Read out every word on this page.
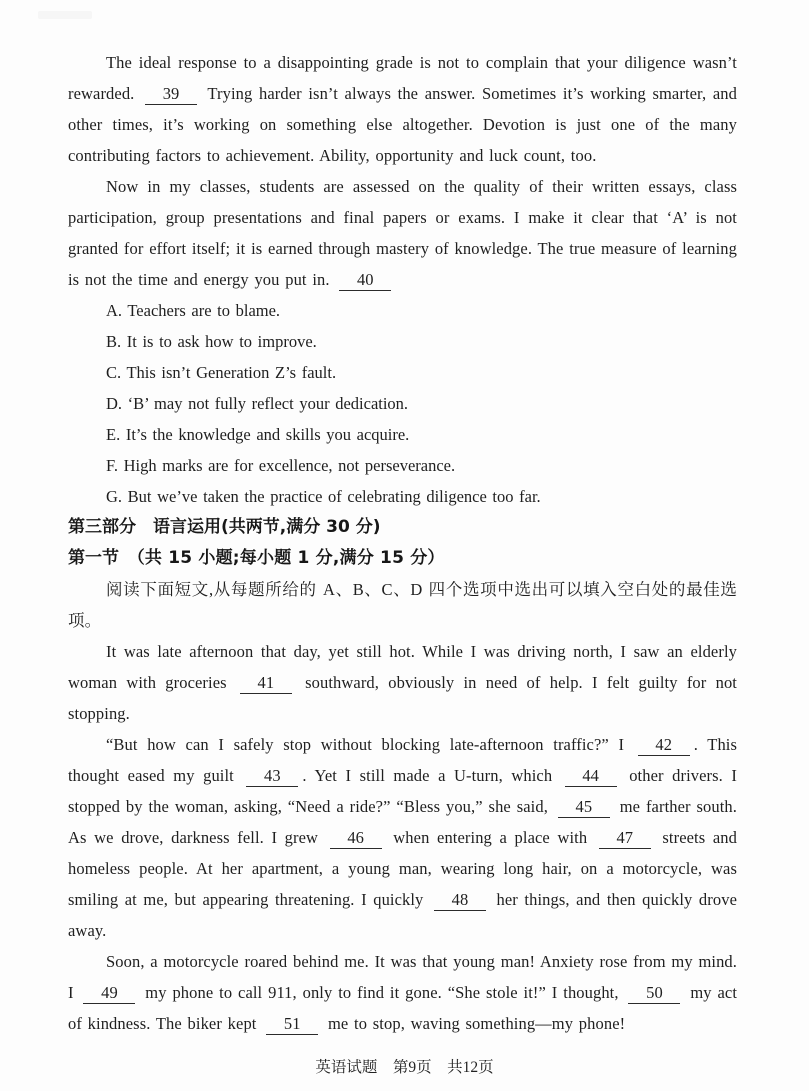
The ideal response to a disappointing grade is not to complain that your diligence wasn’t rewarded. 39 Trying harder isn’t always the answer. Sometimes it’s working smarter, and other times, it’s working on something else altogether. Devotion is just one of the many contributing factors to achievement. Ability, opportunity and luck count, too.

Now in my classes, students are assessed on the quality of their written essays, class participation, group presentations and final papers or exams. I make it clear that ‘A’ is not granted for effort itself; it is earned through mastery of knowledge. The true measure of learning is not the time and energy you put in. 40

A. Teachers are to blame.

B. It is to ask how to improve.

C. This isn’t Generation Z’s fault.

D. ‘B’ may not fully reflect your dedication.

E. It’s the knowledge and skills you acquire.

F. High marks are for excellence, not perseverance.

G. But we’ve taken the practice of celebrating diligence too far.

第三部分　语言运用(共两节,满分 30 分)

第一节　（共 15 小题;每小题 1 分,满分 15 分）

阅读下面短文,从每题所给的 A、B、C、D 四个选项中选出可以填入空白处的最佳选项。

It was late afternoon that day, yet still hot. While I was driving north, I saw an elderly woman with groceries 41 southward, obviously in need of help. I felt guilty for not stopping.

“But how can I safely stop without blocking late-afternoon traffic?” I 42 . This thought eased my guilt 43 . Yet I still made a U-turn, which 44 other drivers. I stopped by the woman, asking, “Need a ride?” “Bless you,” she said, 45 me farther south. As we drove, darkness fell. I grew 46 when entering a place with 47 streets and homeless people. At her apartment, a young man, wearing long hair, on a motorcycle, was smiling at me, but appearing threatening. I quickly 48 her things, and then quickly drove away.

Soon, a motorcycle roared behind me. It was that young man! Anxiety rose from my mind. I 49 my phone to call 911, only to find it gone. “She stole it!” I thought, 50 my act of kindness. The biker kept 51 me to stop, waving something—my phone!

英语试题　第9页　共12页
